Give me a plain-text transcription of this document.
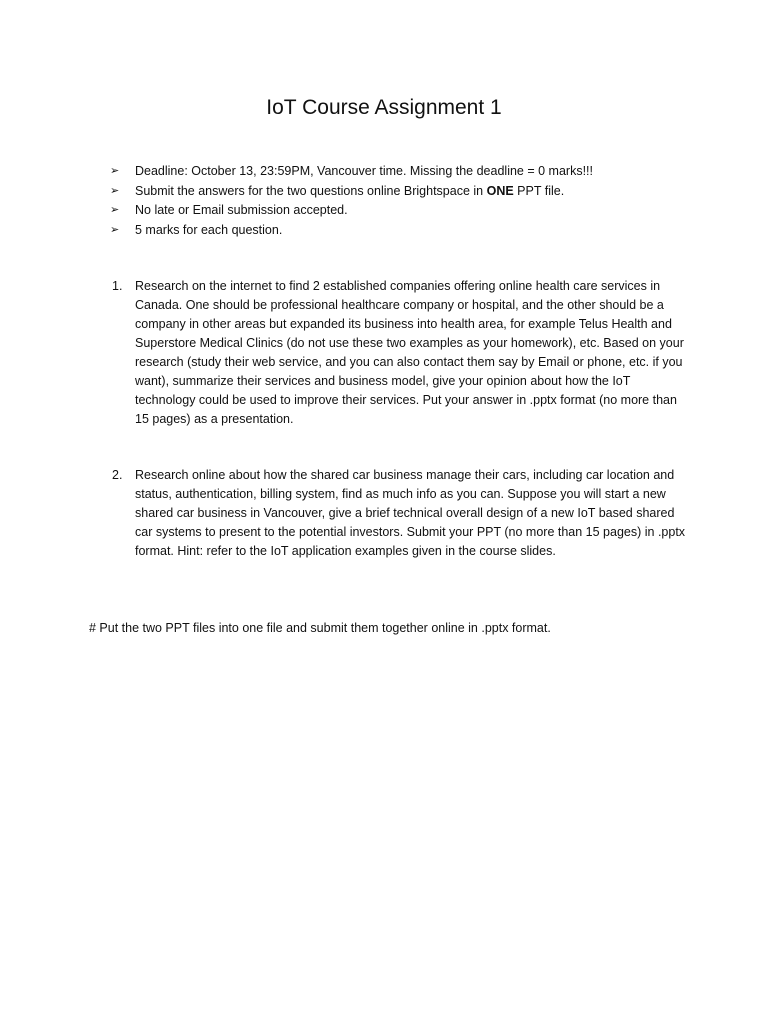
IoT Course Assignment 1
➢ Deadline: October 13, 23:59PM, Vancouver time. Missing the deadline = 0 marks!!!
➢ Submit the answers for the two questions online Brightspace in ONE PPT file.
➢ No late or Email submission accepted.
➢ 5 marks for each question.
1. Research on the internet to find 2 established companies offering online health care services in Canada. One should be professional healthcare company or hospital, and the other should be a company in other areas but expanded its business into health area, for example Telus Health and Superstore Medical Clinics (do not use these two examples as your homework), etc. Based on your research (study their web service, and you can also contact them say by Email or phone, etc. if you want), summarize their services and business model, give your opinion about how the IoT technology could be used to improve their services. Put your answer in .pptx format (no more than 15 pages) as a presentation.
2. Research online about how the shared car business manage their cars, including car location and status, authentication, billing system, find as much info as you can. Suppose you will start a new shared car business in Vancouver, give a brief technical overall design of a new IoT based shared car systems to present to the potential investors. Submit your PPT (no more than 15 pages) in .pptx format. Hint: refer to the IoT application examples given in the course slides.

# Put the two PPT files into one file and submit them together online in .pptx format.
